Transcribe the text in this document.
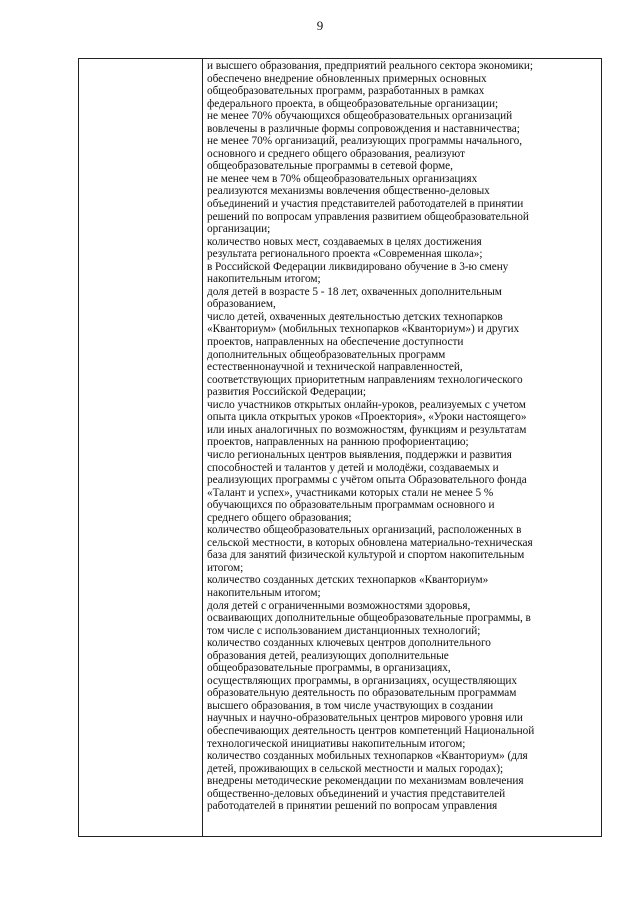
9

и высшего образования, предприятий реального сектора экономики;
обеспечено внедрение обновленных примерных основных
общеобразовательных программ, разработанных в рамках
федерального проекта, в общеобразовательные организации;
не менее 70% обучающихся общеобразовательных организаций
вовлечены в различные формы сопровождения и наставничества;
не менее 70% организаций, реализующих программы начального,
основного и среднего общего образования, реализуют
общеобразовательные программы в сетевой форме,
не менее чем в 70% общеобразовательных организациях
реализуются механизмы вовлечения общественно-деловых
объединений и участия представителей работодателей в принятии
решений по вопросам управления развитием общеобразовательной
организации;
количество новых мест, создаваемых в целях достижения
результата регионального проекта «Современная школа»;
в Российской Федерации ликвидировано обучение в 3-ю смену
накопительным итогом;
доля детей в возрасте 5 - 18 лет, охваченных дополнительным
образованием,
число детей, охваченных деятельностью детских технопарков
«Кванториум» (мобильных технопарков «Кванториум») и других
проектов, направленных на обеспечение доступности
дополнительных общеобразовательных программ
естественнонаучной и технической направленностей,
соответствующих приоритетным направлениям технологического
развития Российской Федерации;
число участников открытых онлайн-уроков, реализуемых с учетом
опыта цикла открытых уроков «Проектория», «Уроки настоящего»
или иных аналогичных по возможностям, функциям и результатам
проектов, направленных на раннюю профориентацию;
число региональных центров выявления, поддержки и развития
способностей и талантов у детей и молодёжи, создаваемых и
реализующих программы с учётом опыта Образовательного фонда
«Талант и успех», участниками которых стали не менее 5 %
обучающихся по образовательным программам основного и
среднего общего образования;
количество общеобразовательных организаций, расположенных в
сельской местности, в которых обновлена материально-техническая
база для занятий физической культурой и спортом накопительным
итогом;
количество созданных детских технопарков «Кванториум»
накопительным итогом;
доля детей с ограниченными возможностями здоровья,
осваивающих дополнительные общеобразовательные программы, в
том числе с использованием дистанционных технологий;
количество созданных ключевых центров дополнительного
образования детей, реализующих дополнительные
общеобразовательные программы, в организациях,
осуществляющих программы, в организациях, осуществляющих
образовательную деятельность по образовательным программам
высшего образования, в том числе участвующих в создании
научных и научно-образовательных центров мирового уровня или
обеспечивающих деятельность центров компетенций Национальной
технологической инициативы накопительным итогом;
количество созданных мобильных технопарков «Кванториум» (для
детей, проживающих в сельской местности и малых городах);
внедрены методические рекомендации по механизмам вовлечения
общественно-деловых объединений и участия представителей
работодателей в принятии решений по вопросам управления
